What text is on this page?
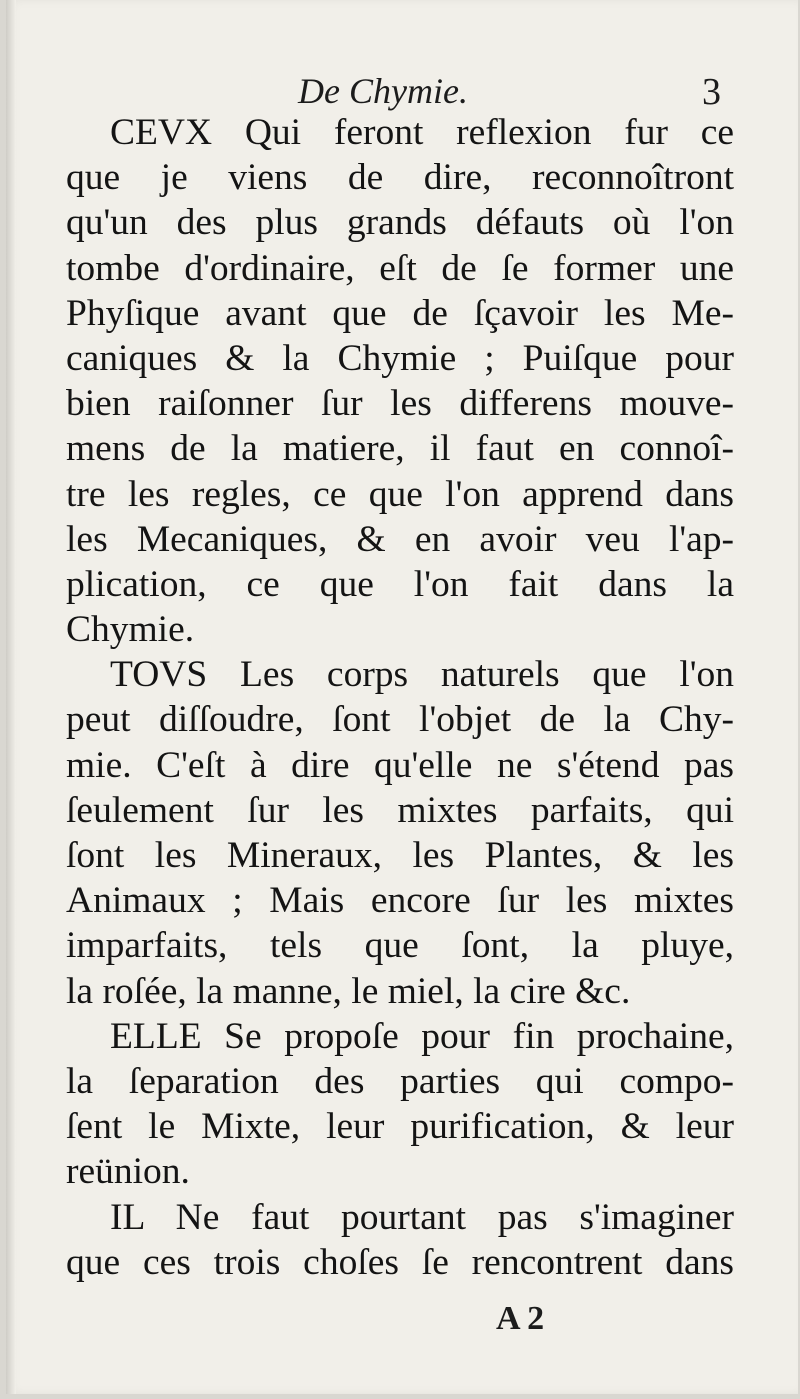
De Chymie.	3
CEVX Qui feront reflexion fur ce
que je viens de dire, reconnoîtront
qu'un des plus grands défauts où l'on
tombe d'ordinaire, eſt de ſe former une
Phyſique avant que de ſçavoir les Me-
caniques & la Chymie ; Puiſque pour
bien raiſonner ſur les differens mouve-
mens de la matiere, il faut en connoî-
tre les regles, ce que l'on apprend dans
les Mecaniques, & en avoir veu l'ap-
plication, ce que l'on fait dans la
Chymie.
TOVS Les corps naturels que l'on
peut diſſoudre, ſont l'objet de la Chy-
mie. C'eſt à dire qu'elle ne s'étend pas
ſeulement ſur les mixtes parfaits, qui
ſont les Mineraux, les Plantes, & les
Animaux ; Mais encore ſur les mixtes
imparfaits, tels que ſont, la pluye,
la roſée, la manne, le miel, la cire &c.
ELLE Se propoſe pour fin prochaine,
la ſeparation des parties qui compo-
ſent le Mixte, leur purification, & leur
reünion.
IL Ne faut pourtant pas s'imaginer
que ces trois choſes ſe rencontrent dans
A 2
